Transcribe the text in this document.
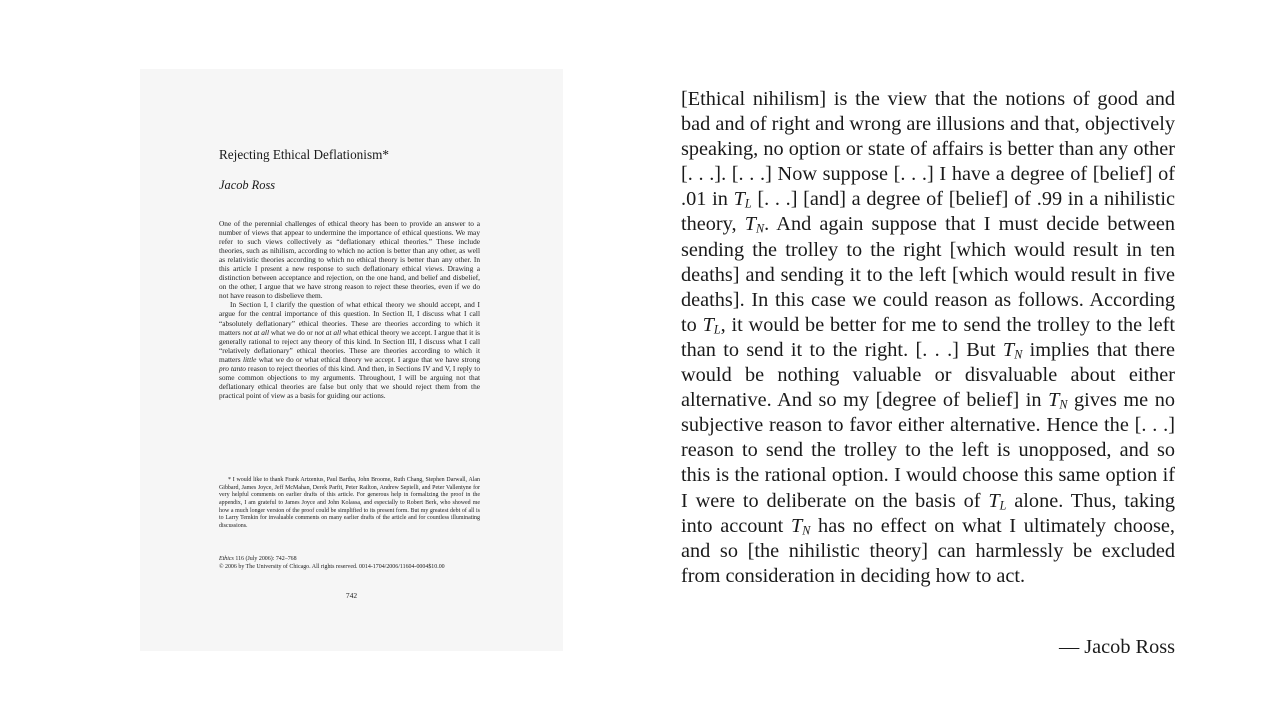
Rejecting Ethical Deflationism*
Jacob Ross

One of the perennial challenges of ethical theory has been to provide an answer to a number of views that appear to undermine the importance of ethical questions. We may refer to such views collectively as “deflationary ethical theories.” These include theories, such as nihilism, according to which no action is better than any other, as well as relativistic theories according to which no ethical theory is better than any other. In this article I present a new response to such deflationary ethical views. Drawing a distinction between acceptance and rejection, on the one hand, and belief and disbelief, on the other, I argue that we have strong reason to reject these theories, even if we do not have reason to disbelieve them.

In Section I, I clarify the question of what ethical theory we should accept, and I argue for the central importance of this question. In Section II, I discuss what I call “absolutely deflationary” ethical theories. These are theories according to which it matters not at all what we do or not at all what ethical theory we accept. I argue that it is generally rational to reject any theory of this kind. In Section III, I discuss what I call “relatively deflationary” ethical theories. These are theories according to which it matters little what we do or what ethical theory we accept. I argue that we have strong pro tanto reason to reject theories of this kind. And then, in Sections IV and V, I reply to some common objections to my arguments. Throughout, I will be arguing not that deflationary ethical theories are false but only that we should reject them from the practical point of view as a basis for guiding our actions.

* I would like to thank Frank Artzenius, Paul Bartha, John Broome, Ruth Chang, Stephen Darwall, Alan Gibbard, James Joyce, Jeff McMahan, Derek Parfit, Peter Railton, Andrew Sepielli, and Peter Vallentyne for very helpful comments on earlier drafts of this article. For generous help in formalizing the proof in the appendix, I am grateful to James Joyce and John Kolassa, and especially to Robert Berk, who showed me how a much longer version of the proof could be simplified to its present form. But my greatest debt of all is to Larry Temkin for invaluable comments on many earlier drafts of the article and for countless illuminating discussions.
Ethics 116 (July 2006): 742–768
© 2006 by The University of Chicago. All rights reserved. 0014-1704/2006/11604-0004$10.00
742

[Ethical nihilism] is the view that the notions of good and bad and of right and wrong are illusions and that, objectively speaking, no option or state of affairs is better than any other [. . .]. [. . .] Now suppose [. . .] I have a degree of [belief] of .01 in $T_L$ [. . .] [and] a degree of [belief] of .99 in a nihilistic theory, $T_N$. And again suppose that I must decide between sending the trolley to the right [which would result in ten deaths] and sending it to the left [which would result in five deaths]. In this case we could reason as follows. According to $T_L$, it would be better for me to send the trolley to the left than to send it to the right. [. . .] But $T_N$ implies that there would be nothing valuable or disvaluable about either alternative. And so my [degree of belief] in $T_N$ gives me no subjective reason to favor either alternative. Hence the [. . .] reason to send the trolley to the left is unopposed, and so this is the rational option. I would choose this same option if I were to deliberate on the basis of $T_L$ alone. Thus, taking into account $T_N$ has no effect on what I ultimately choose, and so [the nihilistic theory] can harmlessly be excluded from consideration in deciding how to act.

— Jacob Ross
